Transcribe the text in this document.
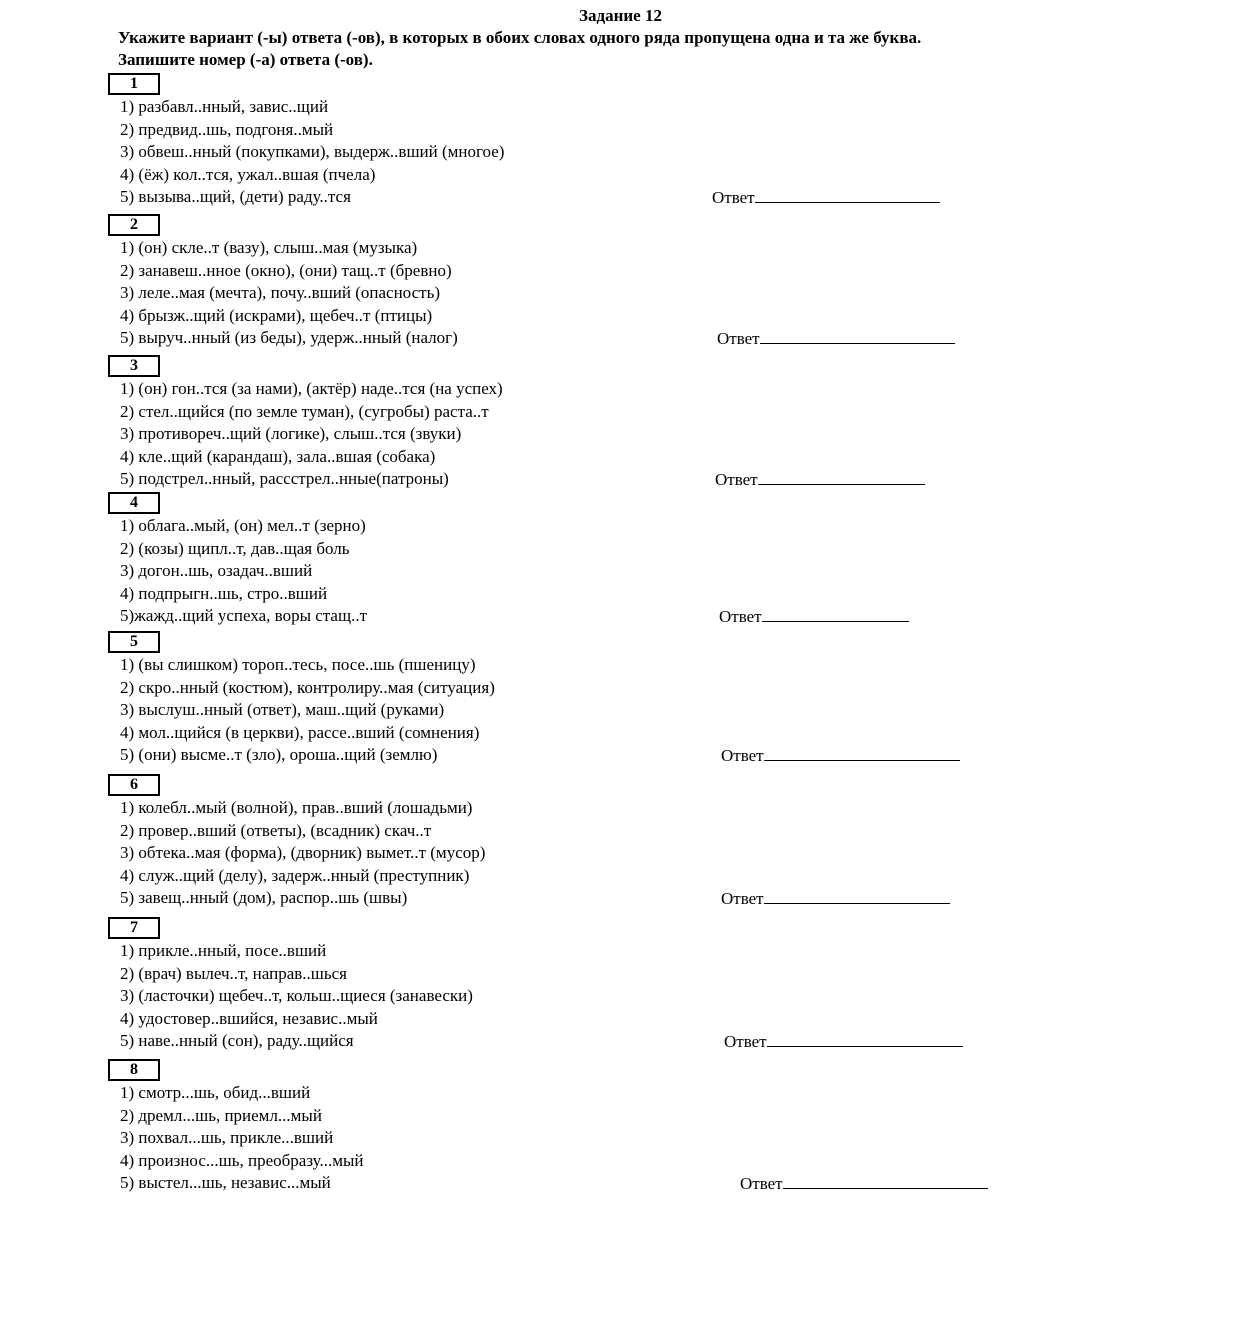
Задание 12
Укажите вариант (-ы) ответа (-ов), в которых в обоих словах одного ряда пропущена одна и та же буква.
Запишите номер (-а) ответа (-ов).
1
1) разбавл..нный, завис..щий
2) предвид..шь, подгоня..мый
3) обвеш..нный (покупками), выдерж..вший (многое)
4) (ёж) кол..тся, ужал..вшая (пчела)
5) вызыва..щий, (дети) раду..тся	Ответ
2
1) (он) скле..т (вазу), слыш..мая (музыка)
2) занавеш..нное (окно), (они) тащ..т (бревно)
3) леле..мая (мечта), почу..вший (опасность)
4) брызж..щий (искрами), щебеч..т (птицы)
5) выруч..нный (из беды), удерж..нный (налог)	Ответ
3
1) (он) гон..тся (за нами), (актёр) наде..тся (на успех)
2) стел..щийся (по земле туман), (сугробы) раста..т
3) противореч..щий (логике), слыш..тся (звуки)
4) кле..щий (карандаш), зала..вшая (собака)
5) подстрел..нный, рассстрел..нные(патроны)	Ответ
4
1) облага..мый, (он) мел..т (зерно)
2) (козы) щипл..т, дав..щая боль
3) догон..шь, озадач..вший
4) подпрыгн..шь, стро..вший
5)жажд..щий успеха, воры стащ..т	Ответ
5
1) (вы слишком) тороп..тесь, посе..шь (пшеницу)
2) скро..нный (костюм), контролиру..мая (ситуация)
3) выслуш..нный (ответ), маш..щий (руками)
4) мол..щийся (в церкви), рассе..вший (сомнения)
5) (они) высме..т (зло), ороша..щий (землю)	Ответ
6
1) колебл..мый (волной), прав..вший (лошадьми)
2) провер..вший (ответы), (всадник) скач..т
3) обтека..мая (форма), (дворник) вымет..т (мусор)
4) служ..щий (делу), задерж..нный (преступник)
5) завещ..нный (дом), распор..шь (швы)	Ответ
7
1) прикле..нный, посе..вший
2) (врач) вылеч..т, направ..шься
3) (ласточки) щебеч..т, кольш..щиеся (занавески)
4) удостовер..вшийся, независ..мый
5) наве..нный (сон), раду..щийся	Ответ
8
1) смотр...шь, обид...вший
2) дремл...шь, приемл...мый
3) похвал...шь, прикле...вший
4) произнос...шь, преобразу...мый
5) выстел...шь, независ...мый	Ответ
